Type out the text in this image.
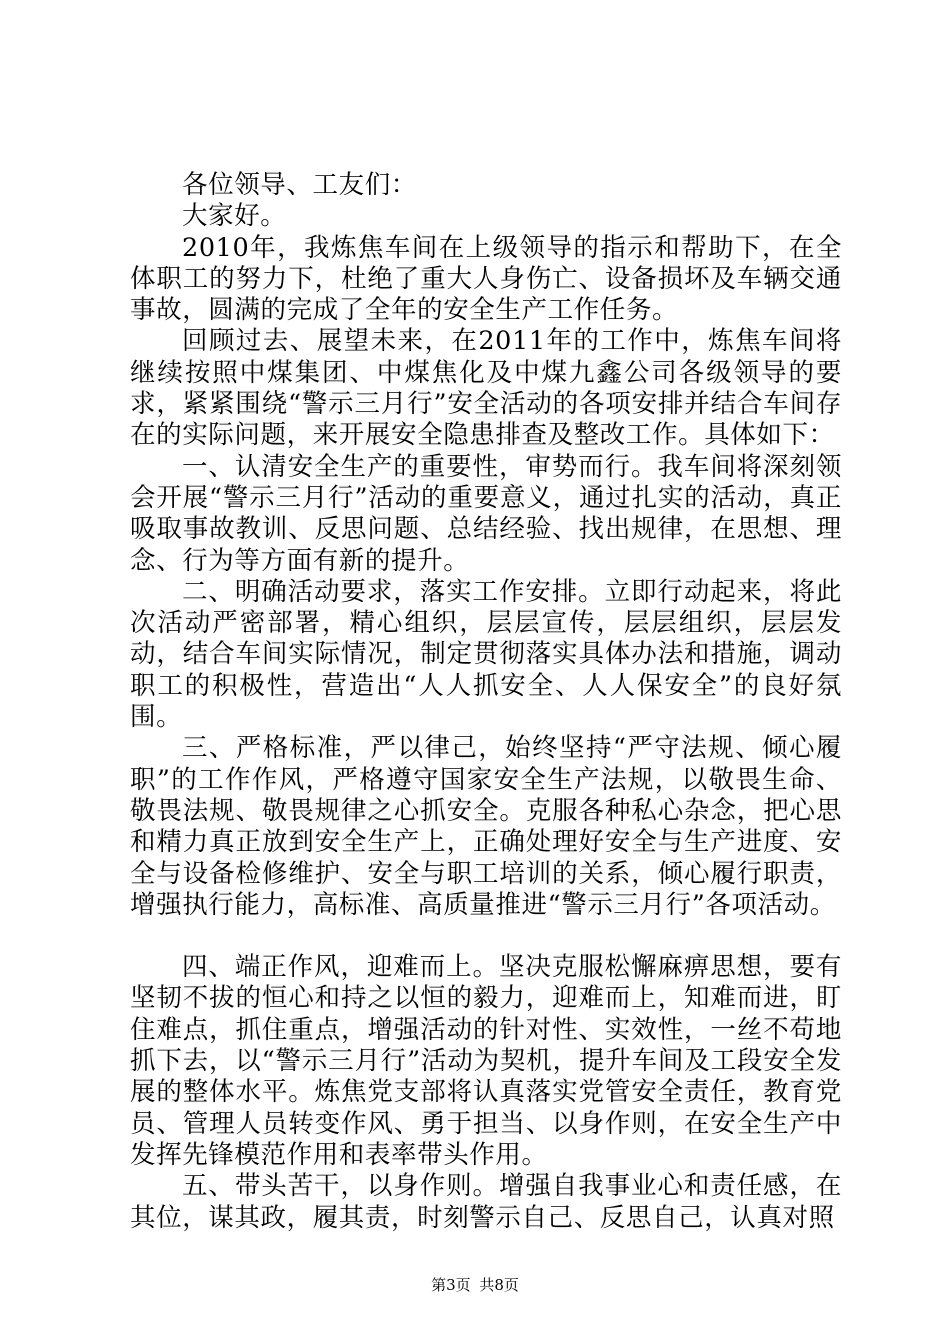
各位领导、工友们：

大家好。

2010年，我炼焦车间在上级领导的指示和帮助下，在全体职工的努力下，杜绝了重大人身伤亡、设备损坏及车辆交通事故，圆满的完成了全年的安全生产工作任务。

回顾过去、展望未来，在2011年的工作中，炼焦车间将继续按照中煤集团、中煤焦化及中煤九鑫公司各级领导的要求，紧紧围绕“警示三月行”安全活动的各项安排并结合车间存在的实际问题，来开展安全隐患排查及整改工作。具体如下：

一、认清安全生产的重要性，审势而行。我车间将深刻领会开展“警示三月行”活动的重要意义，通过扎实的活动，真正吸取事故教训、反思问题、总结经验、找出规律，在思想、理念、行为等方面有新的提升。

二、明确活动要求，落实工作安排。立即行动起来，将此次活动严密部署，精心组织，层层宣传，层层组织，层层发动，结合车间实际情况，制定贯彻落实具体办法和措施，调动职工的积极性，营造出“人人抓安全、人人保安全”的良好氛围。

三、严格标准，严以律己，始终坚持“严守法规、倾心履职”的工作作风，严格遵守国家安全生产法规，以敬畏生命、敬畏法规、敬畏规律之心抓安全。克服各种私心杂念，把心思和精力真正放到安全生产上，正确处理好安全与生产进度、安全与设备检修维护、安全与职工培训的关系，倾心履行职责，增强执行能力，高标准、高质量推进“警示三月行”各项活动。

四、端正作风，迎难而上。坚决克服松懈麻痹思想，要有坚韧不拔的恒心和持之以恒的毅力，迎难而上，知难而进，盯住难点，抓住重点，增强活动的针对性、实效性，一丝不苟地抓下去，以“警示三月行”活动为契机，提升车间及工段安全发展的整体水平。炼焦党支部将认真落实党管安全责任，教育党员、管理人员转变作风、勇于担当、以身作则，在安全生产中发挥先锋模范作用和表率带头作用。

五、带头苦干，以身作则。增强自我事业心和责任感，在其位，谋其政，履其责，时刻警示自己、反思自己，认真对照

第3页 共8页
